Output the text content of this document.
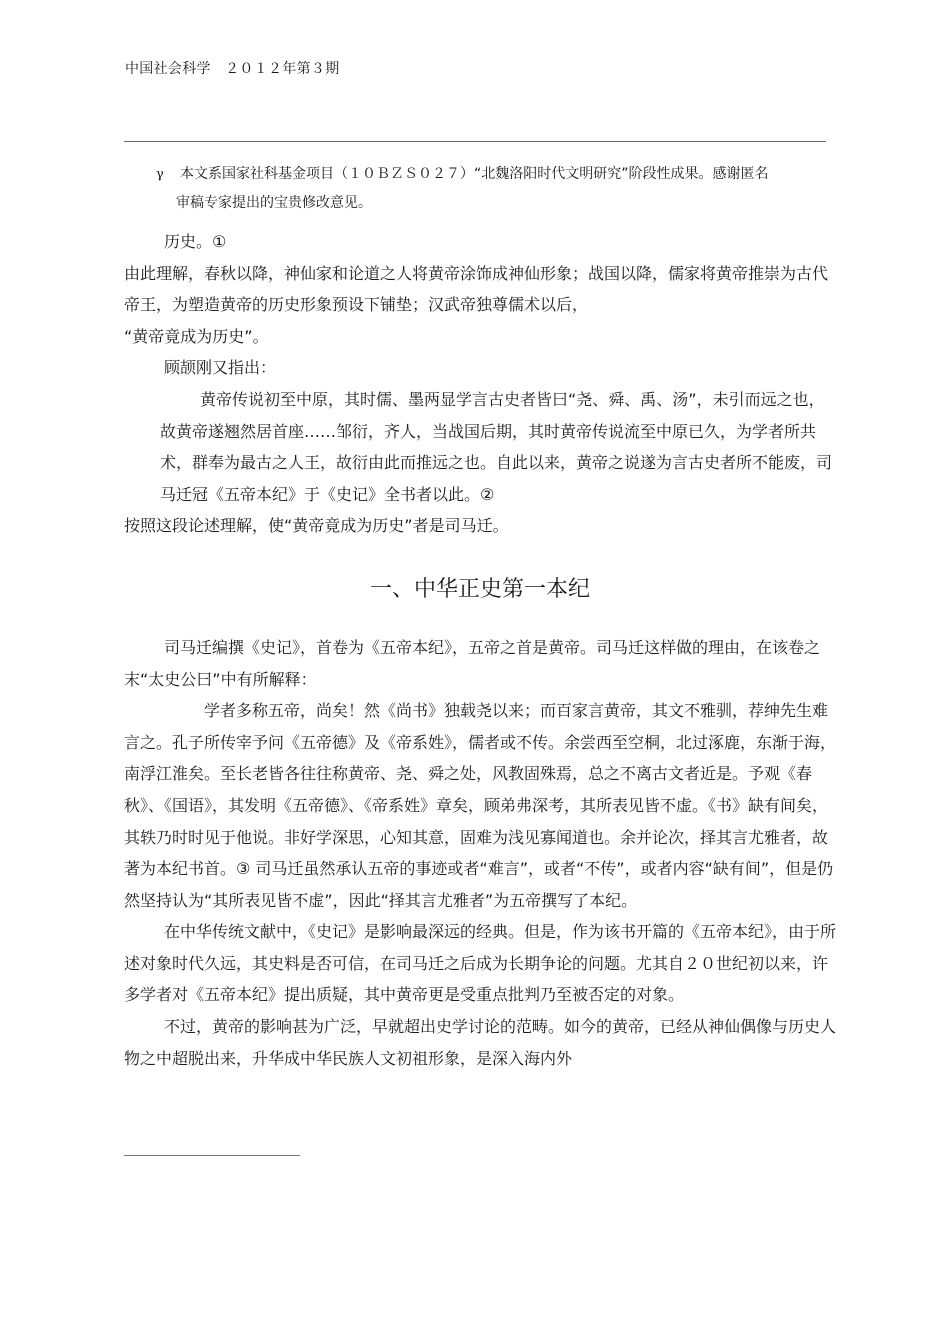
中国社会科学　２０１２年第３期
γ 本文系国家社科基金项目（１０ＢＺＳ０２７）“北魏洛阳时代文明研究”阶段性成果。感谢匿名
审稿专家提出的宝贵修改意见。

历史。①

由此理解，春秋以降，神仙家和论道之人将黄帝涂饰成神仙形象；战国以降，儒家将黄帝推崇为古代帝王，为塑造黄帝的历史形象预设下铺垫；汉武帝独尊儒术以后，

“黄帝竟成为历史”。

顾颉刚又指出：

黄帝传说初至中原，其时儒、墨两显学言古史者皆曰“尧、舜、禹、汤”，未引而远之也，故黄帝遂翘然居首座……邹衍，齐人，当战国后期，其时黄帝传说流至中原已久，为学者所共术，群奉为最古之人王，故衍由此而推远之也。自此以来，黄帝之说遂为言古史者所不能废，司马迁冠《五帝本纪》于《史记》全书者以此。②

按照这段论述理解，使“黄帝竟成为历史”者是司马迁。

一、中华正史第一本纪

司马迁编撰《史记》，首卷为《五帝本纪》，五帝之首是黄帝。司马迁这样做的理由，在该卷之末“太史公曰”中有所解释：

学者多称五帝，尚矣！然《尚书》独载尧以来；而百家言黄帝，其文不雅驯，荐绅先生难言之。孔子所传宰予问《五帝德》及《帝系姓》，儒者或不传。余尝西至空桐，北过涿鹿，东渐于海，南浮江淮矣。至长老皆各往往称黄帝、尧、舜之处，风教固殊焉，总之不离古文者近是。予观《春秋》、《国语》，其发明《五帝德》、《帝系姓》章矣，顾弟弗深考，其所表见皆不虚。《书》缺有间矣，其轶乃时时见于他说。非好学深思，心知其意，固难为浅见寡闻道也。余并论次，择其言尤雅者，故著为本纪书首。③ 司马迁虽然承认五帝的事迹或者“难言”，或者“不传”，或者内容“缺有间”，但是仍然坚持认为“其所表见皆不虚”，因此“择其言尤雅者”为五帝撰写了本纪。

在中华传统文献中，《史记》是影响最深远的经典。但是，作为该书开篇的《五帝本纪》，由于所述对象时代久远，其史料是否可信，在司马迁之后成为长期争论的问题。尤其自２０世纪初以来，许多学者对《五帝本纪》提出质疑，其中黄帝更是受重点批判乃至被否定的对象。

不过，黄帝的影响甚为广泛，早就超出史学讨论的范畴。如今的黄帝，已经从神仙偶像与历史人物之中超脱出来，升华成中华民族人文初祖形象，是深入海内外
